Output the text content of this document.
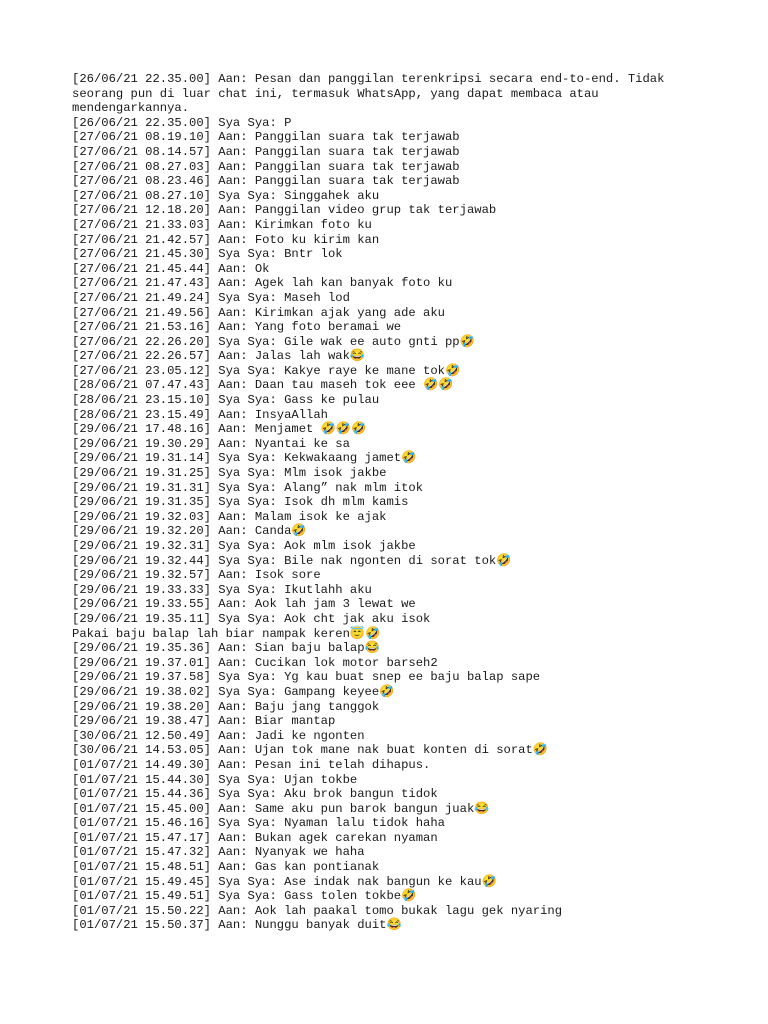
[26/06/21 22.35.00] Aan: Pesan dan panggilan terenkripsi secara end-to-end. Tidak seorang pun di luar chat ini, termasuk WhatsApp, yang dapat membaca atau mendengarkannya.
[26/06/21 22.35.00] Sya Sya: P
[27/06/21 08.19.10] Aan: Panggilan suara tak terjawab
[27/06/21 08.14.57] Aan: Panggilan suara tak terjawab
[27/06/21 08.27.03] Aan: Panggilan suara tak terjawab
[27/06/21 08.23.46] Aan: Panggilan suara tak terjawab
[27/06/21 08.27.10] Sya Sya: Singgahek aku
[27/06/21 12.18.20] Aan: Panggilan video grup tak terjawab
[27/06/21 21.33.03] Aan: Kirimkan foto ku
[27/06/21 21.42.57] Aan: Foto ku kirim kan
[27/06/21 21.45.30] Sya Sya: Bntr lok
[27/06/21 21.45.44] Aan: Ok
[27/06/21 21.47.43] Aan: Agek lah kan banyak foto ku
[27/06/21 21.49.24] Sya Sya: Maseh lod
[27/06/21 21.49.56] Aan: Kirimkan ajak yang ade aku
[27/06/21 21.53.16] Aan: Yang foto beramai we
[27/06/21 22.26.20] Sya Sya: Gile wak ee auto gnti pp🤣
[27/06/21 22.26.57] Aan: Jalas lah wak😂
[27/06/21 23.05.12] Sya Sya: Kakye raye ke mane tok🤣
[28/06/21 07.47.43] Aan: Daan tau maseh tok eee 🤣🤣
[28/06/21 23.15.10] Sya Sya: Gass ke pulau
[28/06/21 23.15.49] Aan: InsyaAllah
[29/06/21 17.48.16] Aan: Menjamet 🤣🤣🤣
[29/06/21 19.30.29] Aan: Nyantai ke sa
[29/06/21 19.31.14] Sya Sya: Kekwakaang jamet🤣
[29/06/21 19.31.25] Sya Sya: Mlm isok jakbe
[29/06/21 19.31.31] Sya Sya: Alang” nak mlm itok
[29/06/21 19.31.35] Sya Sya: Isok dh mlm kamis
[29/06/21 19.32.03] Aan: Malam isok ke ajak
[29/06/21 19.32.20] Aan: Canda🤣
[29/06/21 19.32.31] Sya Sya: Aok mlm isok jakbe
[29/06/21 19.32.44] Sya Sya: Bile nak ngonten di sorat tok🤣
[29/06/21 19.32.57] Aan: Isok sore
[29/06/21 19.33.33] Sya Sya: Ikutlahh aku
[29/06/21 19.33.55] Aan: Aok lah jam 3 lewat we
[29/06/21 19.35.11] Sya Sya: Aok cht jak aku isok
Pakai baju balap lah biar nampak keren😇🤣
[29/06/21 19.35.36] Aan: Sian baju balap😂
[29/06/21 19.37.01] Aan: Cucikan lok motor barseh2
[29/06/21 19.37.58] Sya Sya: Yg kau buat snep ee baju balap sape
[29/06/21 19.38.02] Sya Sya: Gampang keyee🤣
[29/06/21 19.38.20] Aan: Baju jang tanggok
[29/06/21 19.38.47] Aan: Biar mantap
[30/06/21 12.50.49] Aan: Jadi ke ngonten
[30/06/21 14.53.05] Aan: Ujan tok mane nak buat konten di sorat🤣
[01/07/21 14.49.30] Aan: Pesan ini telah dihapus.
[01/07/21 15.44.30] Sya Sya: Ujan tokbe
[01/07/21 15.44.36] Sya Sya: Aku brok bangun tidok
[01/07/21 15.45.00] Aan: Same aku pun barok bangun juak😂
[01/07/21 15.46.16] Sya Sya: Nyaman lalu tidok haha
[01/07/21 15.47.17] Aan: Bukan agek carekan nyaman
[01/07/21 15.47.32] Aan: Nyanyak we haha
[01/07/21 15.48.51] Aan: Gas kan pontianak
[01/07/21 15.49.45] Sya Sya: Ase indak nak bangun ke kau🤣
[01/07/21 15.49.51] Sya Sya: Gass tolen tokbe🤣
[01/07/21 15.50.22] Aan: Aok lah paakal tomo bukak lagu gek nyaring
[01/07/21 15.50.37] Aan: Nunggu banyak duit😂
